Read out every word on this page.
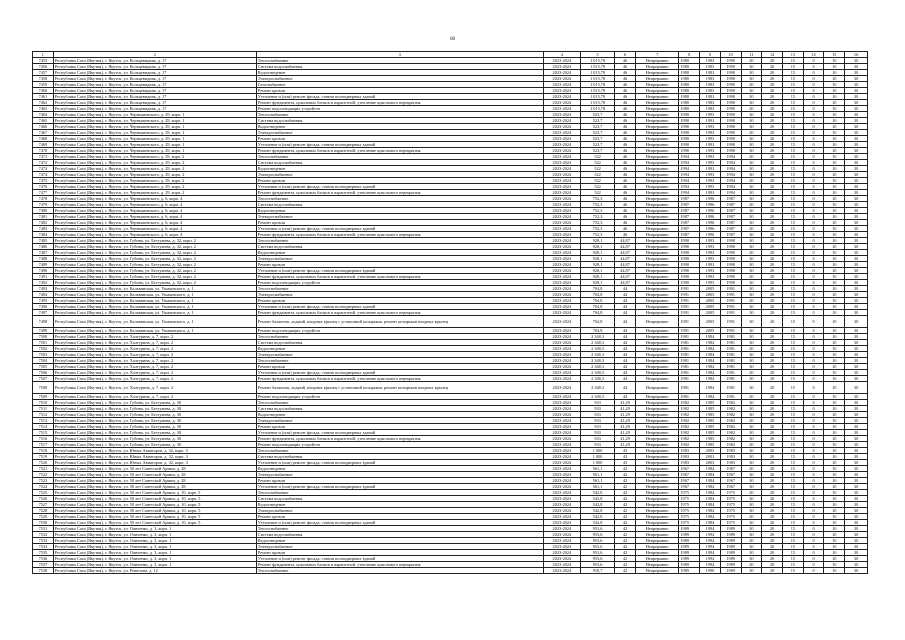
68
1	2	3	4	5	6	7	8	9	10	11	12	13	14	15	16
7455	Республика Саха (Якутия), г. Якутск, ул. Кольцевидная, д. 17	Теплоснабжение	2023-2024	1 015,78	46	Непрерывно	1980	1983	1990	30	20	15	0	10	30
7456	Республика Саха (Якутия), г. Якутск, ул. Кольцевидная, д. 17	Система водоснабжения	2023-2024	1 015,78	46	Непрерывно	1980	1983	1990	30	20	15	0	10	30
7457	Республика Саха (Якутия), г. Якутск, ул. Кольцевидная, д. 17	Водоотведение	2023-2024	1 015,78	46	Непрерывно	1980	1983	1990	30	20	15	0	10	30
7458	Республика Саха (Якутия), г. Якутск, ул. Кольцевидная, д. 17	Электроснабжение	2023-2024	1 015,78	46	Непрерывно	1980	1983	1990	30	20	15	0	10	30
7459	Республика Саха (Якутия), г. Якутск, ул. Кольцевидная, д. 17	Газоснабжение	2023-2024	1 015,78	46	Непрерывно	1980	1983	1990	30	20	15	0	10	30
7460	Республика Саха (Якутия), г. Якутск, ул. Кольцевидная, д. 17	Ремонт кровли	2023-2024	1 015,78	46	Непрерывно	1980	1983	1990	30	20	15	0	10	30
7461	Республика Саха (Якутия), г. Якутск, ул. Кольцевидная, д. 17	Утепление и (или) ремонт фасада, ставни полнодверных зданий	2023-2024	1 015,78	46	Непрерывно	1980	1983	1990	30	20	15	0	10	30
7462	Республика Саха (Якутия), г. Якутск, ул. Кольцевидная, д. 17	Ремонт фундамента, цокольных блоков и парапетной, утепление цокольного перекрытия	2023-2024	1 015,78	46	Непрерывно	1980	1983	1990	30	20	15	0	10	30
7463	Республика Саха (Якутия), г. Якутск, ул. Кольцевидная, д. 17	Ремонт водоотводящих устройств	2023-2024	1 015,78	46	Непрерывно	1980	1983	1990	30	20	15	0	10	30
7464	Республика Саха (Якутия), г. Якутск, ул. Чернышевского, д. 29, корп. 1	Теплоснабжение	2023-2024	523,7	46	Непрерывно	1990	1993	1990	30	20	15	0	10	30
7465	Республика Саха (Якутия), г. Якутск, ул. Чернышевского, д. 29, корп. 1	Система водоснабжения	2023-2024	523,7	46	Непрерывно	1990	1993	1990	30	20	15	0	10	30
7466	Республика Саха (Якутия), г. Якутск, ул. Чернышевского, д. 29, корп. 1	Водоотведение	2023-2024	523,7	46	Непрерывно	1990	1993	1990	30	20	15	0	10	30
7467	Республика Саха (Якутия), г. Якутск, ул. Чернышевского, д. 29, корп. 1	Электроснабжение	2023-2024	523,7	46	Непрерывно	1990	1993	1990	30	20	15	0	10	30
7468	Республика Саха (Якутия), г. Якутск, ул. Чернышевского, д. 29, корп. 1	Ремонт кровли	2023-2024	523,7	46	Непрерывно	1990	1993	1990	30	20	15	0	10	30
7469	Республика Саха (Якутия), г. Якутск, ул. Чернышевского, д. 29, корп. 1	Утепление и (или) ремонт фасада, ставни полнодверных зданий	2023-2024	523,7	46	Непрерывно	1990	1993	1990	30	20	15	0	10	30
7470	Республика Саха (Якутия), г. Якутск, ул. Чернышевского, д. 29, корп. 1	Ремонт фундамента, цокольных блоков и парапетной, утепление цокольного перекрытия	2023-2024	523,7	46	Непрерывно	1990	1993	1990	30	20	15	0	10	30
7471	Республика Саха (Якутия), г. Якутск, ул. Чернышевского, д. 29, корп. 2	Теплоснабжение	2023-2024	522	46	Непрерывно	1994	1993	1994	30	20	15	0	10	30
7472	Республика Саха (Якутия), г. Якутск, ул. Чернышевского, д. 29, корп. 2	Система водоснабжения	2023-2024	522	46	Непрерывно	1994	1993	1994	30	20	15	0	10	30
7473	Республика Саха (Якутия), г. Якутск, ул. Чернышевского, д. 29, корп. 2	Водоотведение	2023-2024	522	46	Непрерывно	1994	1993	1994	30	20	15	0	10	30
7474	Республика Саха (Якутия), г. Якутск, ул. Чернышевского, д. 29, корп. 2	Электроснабжение	2023-2024	522	46	Непрерывно	1994	1993	1994	30	20	15	0	10	30
7475	Республика Саха (Якутия), г. Якутск, ул. Чернышевского, д. 29, корп. 2	Ремонт кровли	2023-2024	522	46	Непрерывно	1994	1993	1994	30	20	15	0	10	30
7476	Республика Саха (Якутия), г. Якутск, ул. Чернышевского, д. 29, корп. 2	Утепление и (или) ремонт фасада, ставни полнодверных зданий	2023-2024	522	46	Непрерывно	1994	1993	1994	30	20	15	0	10	30
7477	Республика Саха (Якутия), г. Якутск, ул. Чернышевского, д. 29, корп. 2	Ремонт фундамента, цокольных блоков и парапетной, утепление цокольного перекрытия	2023-2024	522	46	Непрерывно	1994	1993	1994	30	20	15	0	10	30
7478	Республика Саха (Якутия), г. Якутск, ул. Чернышевского, д. 6, корп. 4	Теплоснабжение	2023-2024	752,3	46	Непрерывно	1987	1996	1987	30	20	15	0	10	30
7479	Республика Саха (Якутия), г. Якутск, ул. Чернышевского, д. 6, корп. 4	Система водоснабжения	2023-2024	752,3	46	Непрерывно	1987	1996	1987	30	20	15	0	10	30
7480	Республика Саха (Якутия), г. Якутск, ул. Чернышевского, д. 6, корп. 4	Водоотведение	2023-2024	752,3	46	Непрерывно	1987	1996	1987	30	20	15	0	10	30
7481	Республика Саха (Якутия), г. Якутск, ул. Чернышевского, д. 6, корп. 4	Электроснабжение	2023-2024	752,3	46	Непрерывно	1987	1996	1987	30	20	15	0	10	30
7482	Республика Саха (Якутия), г. Якутск, ул. Чернышевского, д. 6, корп. 4	Ремонт кровли	2023-2024	752,3	46	Непрерывно	1987	1996	1987	30	20	15	0	10	30
7483	Республика Саха (Якутия), г. Якутск, ул. Чернышевского, д. 6, корп. 4	Утепление и (или) ремонт фасада, ставни полнодверных зданий	2023-2024	752,3	46	Непрерывно	1987	1996	1987	30	20	15	0	10	30
7484	Республика Саха (Якутия), г. Якутск, ул. Чернышевского, д. 6, корп. 4	Ремонт фундамента, цокольных блоков и парапетной, утепление цокольного перекрытия	2023-2024	752,3	46	Непрерывно	1987	1996	1987	30	20	15	0	10	30
7485	Республика Саха (Якутия), г. Якутск, ул. Губина, ул. Бестужева, д. 32, корп. 2	Теплоснабжение	2023-2024	928,1	44,87	Непрерывно	1990	1993	1990	30	20	15	0	10	30
7486	Республика Саха (Якутия), г. Якутск, ул. Губина, ул. Бестужева, д. 32, корп. 2	Система водоснабжения	2023-2024	928,1	44,87	Непрерывно	1990	1993	1990	30	20	15	0	10	30
7487	Республика Саха (Якутия), г. Якутск, ул. Губина, ул. Бестужева, д. 32, корп. 2	Водоотведение	2023-2024	928,1	44,87	Непрерывно	1990	1993	1990	30	20	15	0	10	30
7488	Республика Саха (Якутия), г. Якутск, ул. Губина, ул. Бестужева, д. 32, корп. 2	Электроснабжение	2023-2024	928,1	44,87	Непрерывно	1990	1993	1990	30	20	15	0	10	30
7489	Республика Саха (Якутия), г. Якутск, ул. Губина, ул. Бестужева, д. 32, корп. 2	Ремонт кровли	2023-2024	928,1	44,87	Непрерывно	1990	1993	1990	30	20	15	0	10	30
7490	Республика Саха (Якутия), г. Якутск, ул. Губина, ул. Бестужева, д. 32, корп. 2	Утепление и (или) ремонт фасада, ставни полнодверных зданий	2023-2024	928,1	44,87	Непрерывно	1990	1993	1990	30	20	15	0	10	30
7491	Республика Саха (Якутия), г. Якутск, ул. Губина, ул. Бестужева, д. 32, корп. 2	Ремонт фундамента, цокольных блоков и парапетной, утепление цокольного перекрытия	2023-2024	928,1	44,87	Непрерывно	1990	1993	1990	30	20	15	0	10	30
7492	Республика Саха (Якутия), г. Якутск, ул. Губина, ул. Бестужева, д. 32, корп. 2	Ремонт водоотводящих устройств	2023-2024	928,1	44,87	Непрерывно	1990	1993	1990	30	20	15	0	10	30
7493	Республика Саха (Якутия), г. Якутск, ул. Кальвинская, ул. Ушаковского, д. 1	Теплоснабжение	2023-2024	704,8	44	Непрерывно	1991	2005	1991	30	20	15	0	10	30
7494	Республика Саха (Якутия), г. Якутск, ул. Кальвинская, ул. Ушаковского, д. 1	Электроснабжение	2023-2024	704,8	44	Непрерывно	1991	2005	1991	30	20	15	0	10	30
7495	Республика Саха (Якутия), г. Якутск, ул. Кальвинская, ул. Ушаковского, д. 1	Ремонт кровли	2023-2024	704,8	44	Непрерывно	1991	2005	1991	30	20	15	0	10	30
7496	Республика Саха (Якутия), г. Якутск, ул. Кальвинская, ул. Ушаковского, д. 1	Утепление и (или) ремонт фасада, ставни полнодверных зданий	2023-2024	704,8	44	Непрерывно	1991	2005	1991	30	20	15	0	10	30
7497	Республика Саха (Якутия), г. Якутск, ул. Кальвинская, ул. Ушаковского, д. 1	Ремонт фундамента, цокольных блоков и парапетной, утепление цокольного перекрытия	2023-2024	704,8	44	Непрерывно	1991	2005	1991	30	20	15	0	10	30
7498	Республика Саха (Якутия), г. Якутск, ул. Кальвинская, ул. Ушаковского, д. 1	Ремонт балконов, лоджий, входных крылец с установкой козырьков, ремонт козырьков входных крылец	2023-2024	704,8	44	Непрерывно	1991	2005	1991	30	20	15	0	10	30
7499	Республика Саха (Якутия), г. Якутск, ул. Кальвинская, ул. Ушаковского, д. 1	Ремонт водоотводящих устройств	2023-2024	704,8	44	Непрерывно	1991	2005	1991	30	20	15	0	10	30
7500	Республика Саха (Якутия), г. Якутск, ул. Халтурина, д. 7, корп. 2	Теплоснабжение	2023-2024	2 348,3	44	Непрерывно	1981	1984	1981	30	20	15	0	10	30
7501	Республика Саха (Якутия), г. Якутск, ул. Халтурина, д. 7, корп. 2	Система водоснабжения	2023-2024	2 348,3	44	Непрерывно	1981	1984	1981	30	20	15	0	10	30
7502	Республика Саха (Якутия), г. Якутск, ул. Халтурина, д. 7, корп. 2	Водоотведение	2023-2024	2 348,3	44	Непрерывно	1981	1984	1981	30	20	15	0	10	30
7503	Республика Саха (Якутия), г. Якутск, ул. Халтурина, д. 7, корп. 2	Электроснабжение	2023-2024	2 348,3	44	Непрерывно	1981	1984	1981	30	20	15	0	10	30
7504	Республика Саха (Якутия), г. Якутск, ул. Халтурина, д. 7, корп. 2	Теплоснабжение	2023-2024	2 348,3	44	Непрерывно	1981	1984	1981	30	20	15	0	10	30
7505	Республика Саха (Якутия), г. Якутск, ул. Халтурина, д. 7, корп. 2	Ремонт кровли	2023-2024	2 348,3	44	Непрерывно	1981	1984	1981	30	20	15	0	10	30
7506	Республика Саха (Якутия), г. Якутск, ул. Халтурина, д. 7, корп. 2	Утепление и (или) ремонт фасада, ставни полнодверных зданий	2023-2024	2 348,3	44	Непрерывно	1981	1984	1981	30	20	15	0	10	30
7507	Республика Саха (Якутия), г. Якутск, ул. Халтурина, д. 7, корп. 2	Ремонт фундамента, цокольных блоков и парапетной, утепление цокольного перекрытия	2023-2024	2 348,3	44	Непрерывно	1981	1984	1981	30	20	15	0	10	30
7508	Республика Саха (Якутия), г. Якутск, ул. Халтурина, д. 7, корп. 2	Ремонт балконов, лоджий, входных крылец с установкой козырьков, ремонт козырьков входных крылец	2023-2024	2 348,3	44	Непрерывно	1981	1984	1981	30	20	15	0	10	30
7509	Республика Саха (Якутия), г. Якутск, ул. Халтурина, д. 7, корп. 2	Ремонт водоотводящих устройств	2023-2024	2 348,3	44	Непрерывно	1981	1984	1981	30	20	15	0	10	30
7510	Республика Саха (Якутия), г. Якутск, ул. Губина, ул. Бестужева, д. 30	Теплоснабжение	2023-2024	933	41,29	Непрерывно	1982	1985	1982	30	20	15	0	10	30
7511	Республика Саха (Якутия), г. Якутск, ул. Губина, ул. Бестужева, д. 30	Система водоснабжения	2023-2024	933	41,29	Непрерывно	1982	1985	1982	30	20	15	0	10	30
7512	Республика Саха (Якутия), г. Якутск, ул. Губина, ул. Бестужева, д. 30	Водоотведение	2023-2024	933	41,29	Непрерывно	1982	1985	1982	30	20	15	0	10	30
7513	Республика Саха (Якутия), г. Якутск, ул. Губина, ул. Бестужева, д. 30	Электроснабжение	2023-2024	933	41,29	Непрерывно	1982	1985	1982	30	20	15	0	10	30
7514	Республика Саха (Якутия), г. Якутск, ул. Губина, ул. Бестужева, д. 30	Ремонт кровли	2023-2024	933	41,29	Непрерывно	1982	1985	1982	30	20	15	0	10	30
7515	Республика Саха (Якутия), г. Якутск, ул. Губина, ул. Бестужева, д. 30	Утепление и (или) ремонт фасада, ставни полнодверных зданий	2023-2024	933	41,29	Непрерывно	1982	1985	1982	30	20	15	0	10	30
7516	Республика Саха (Якутия), г. Якутск, ул. Губина, ул. Бестужева, д. 30	Ремонт фундамента, цокольных блоков и парапетной, утепление цокольного перекрытия	2023-2024	933	41,29	Непрерывно	1982	1985	1982	30	20	15	0	10	30
7517	Республика Саха (Якутия), г. Якутск, ул. Губина, ул. Бестужева, д. 30	Ремонт водоотводящих устройств	2023-2024	933	41,29	Непрерывно	1982	1985	1982	30	20	15	0	10	30
7518	Республика Саха (Якутия), г. Якутск, ул. Юных Авиаторов, д. 32, корп. 3	Теплоснабжение	2023-2024	1 000	43	Непрерывно	1983	2003	1983	30	20	15	0	10	30
7519	Республика Саха (Якутия), г. Якутск, ул. Юных Авиаторов, д. 32, корп. 3	Система водоснабжения	2023-2024	1 000	43	Непрерывно	1983	2003	1983	30	20	15	0	10	30
7520	Республика Саха (Якутия), г. Якутск, ул. Юных Авиаторов, д. 32, корп. 3	Утепление и (или) ремонт фасада, ставни полнодверных зданий	2023-2024	1 000	43	Непрерывно	1983	2003	1983	30	20	15	0	10	30
7521	Республика Саха (Якутия), г. Якутск, ул. 50 лет Советской Армии, д. 28	Водоотведение	2023-2024	561,1	42	Непрерывно	1967	1984	1967	30	20	15	0	10	30
7522	Республика Саха (Якутия), г. Якутск, ул. 50 лет Советской Армии, д. 28	Электроснабжение	2023-2024	561,1	42	Непрерывно	1967	1984	1967	30	20	15	0	10	30
7523	Республика Саха (Якутия), г. Якутск, ул. 50 лет Советской Армии, д. 28	Ремонт кровли	2023-2024	561,1	42	Непрерывно	1967	1984	1967	30	20	15	0	10	30
7524	Республика Саха (Якутия), г. Якутск, ул. 50 лет Советской Армии, д. 28	Утепление и (или) ремонт фасада, ставни полнодверных зданий	2023-2024	561,1	42	Непрерывно	1967	1984	1967	30	20	15	0	10	30
7525	Республика Саха (Якутия), г. Якутск, ул. 50 лет Советской Армии, д. 10, корп. 5	Теплоснабжение	2023-2024	542,8	42	Непрерывно	1975	1984	1975	30	20	15	0	10	30
7526	Республика Саха (Якутия), г. Якутск, ул. 50 лет Советской Армии, д. 10, корп. 5	Система водоснабжения	2023-2024	542,8	42	Непрерывно	1975	1984	1975	30	20	15	0	10	30
7527	Республика Саха (Якутия), г. Якутск, ул. 50 лет Советской Армии, д. 10, корп. 5	Водоотведение	2023-2024	542,8	42	Непрерывно	1975	1984	1975	30	20	15	0	10	30
7528	Республика Саха (Якутия), г. Якутск, ул. 50 лет Советской Армии, д. 10, корп. 5	Электроснабжение	2023-2024	542,8	42	Непрерывно	1975	1984	1975	30	20	15	0	10	30
7529	Республика Саха (Якутия), г. Якутск, ул. 50 лет Советской Армии, д. 10, корп. 5	Ремонт кровли	2023-2024	542,8	42	Непрерывно	1975	1984	1975	30	20	15	0	10	30
7530	Республика Саха (Якутия), г. Якутск, ул. 50 лет Советской Армии, д. 10, корп. 5	Утепление и (или) ремонт фасада, ставни полнодверных зданий	2023-2024	542,8	42	Непрерывно	1975	1984	1975	30	20	15	0	10	30
7531	Республика Саха (Якутия), г. Якутск, ул. Очиченко, д. 3, корп. 1	Теплоснабжение	2023-2024	953,6	42	Непрерывно	1989	1994	1989	30	20	15	0	10	30
7532	Республика Саха (Якутия), г. Якутск, ул. Очиченко, д. 3, корп. 1	Система водоснабжения	2023-2024	953,6	42	Непрерывно	1989	1994	1989	30	20	15	0	10	30
7533	Республика Саха (Якутия), г. Якутск, ул. Очиченко, д. 3, корп. 1	Водоотведение	2023-2024	953,6	42	Непрерывно	1989	1994	1989	30	20	15	0	10	30
7534	Республика Саха (Якутия), г. Якутск, ул. Очиченко, д. 3, корп. 1	Электроснабжение	2023-2024	953,6	42	Непрерывно	1989	1994	1989	30	20	15	0	10	30
7535	Республика Саха (Якутия), г. Якутск, ул. Очиченко, д. 3, корп. 1	Ремонт кровли	2023-2024	953,6	42	Непрерывно	1989	1994	1989	30	20	15	0	10	30
7536	Республика Саха (Якутия), г. Якутск, ул. Очиченко, д. 3, корп. 1	Утепление и (или) ремонт фасада, ставни полнодверных зданий	2023-2024	953,6	42	Непрерывно	1989	1994	1989	30	20	15	0	10	30
7537	Республика Саха (Якутия), г. Якутск, ул. Очиченко, д. 3, корп. 1	Ремонт фундамента, цокольных блоков и парапетной, утепление цокольного перекрытия	2023-2024	953,6	42	Непрерывно	1989	1994	1989	30	20	15	0	10	30
7538	Республика Саха (Якутия), г. Якутск, ул. Решетова, д. 12	Теплоснабжение	2023-2024	918,7	42	Непрерывно	1989	1990	1989	30	20	15	0	10	30
